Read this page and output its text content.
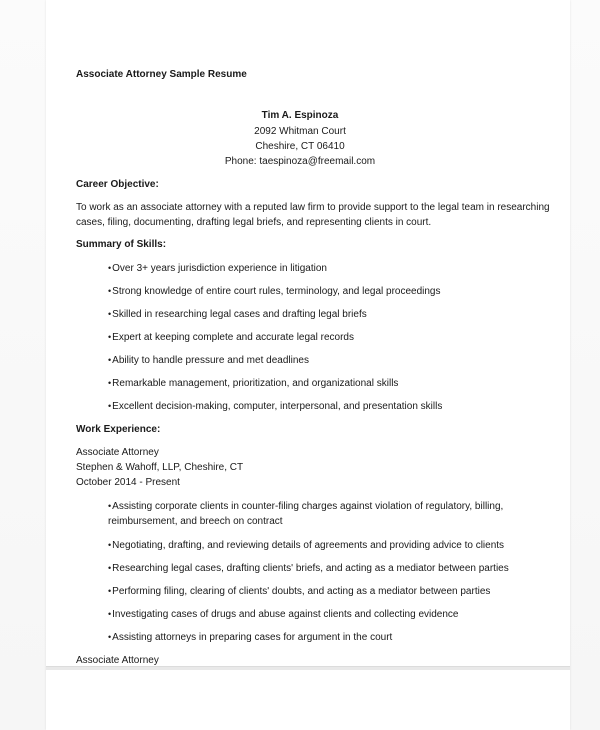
Associate Attorney Sample Resume
Tim A. Espinoza
2092 Whitman Court
Cheshire, CT 06410
Phone: taespinoza@freemail.com
Career Objective:
To work as an associate attorney with a reputed law firm to provide support to the legal team in researching
cases, filing, documenting, drafting legal briefs, and representing clients in court.
Summary of Skills:
• Over 3+ years jurisdiction experience in litigation
• Strong knowledge of entire court rules, terminology, and legal proceedings
• Skilled in researching legal cases and drafting legal briefs
• Expert at keeping complete and accurate legal records
• Ability to handle pressure and met deadlines
• Remarkable management, prioritization, and organizational skills
• Excellent decision-making, computer, interpersonal, and presentation skills
Work Experience:
Associate Attorney
Stephen & Wahoff, LLP, Cheshire, CT
October 2014 - Present
• Assisting corporate clients in counter-filing charges against violation of regulatory, billing,
reimbursement, and breech on contract
• Negotiating, drafting, and reviewing details of agreements and providing advice to clients
• Researching legal cases, drafting clients' briefs, and acting as a mediator between parties
• Performing filing, clearing of clients' doubts, and acting as a mediator between parties
• Investigating cases of drugs and abuse against clients and collecting evidence
• Assisting attorneys in preparing cases for argument in the court
Associate Attorney
